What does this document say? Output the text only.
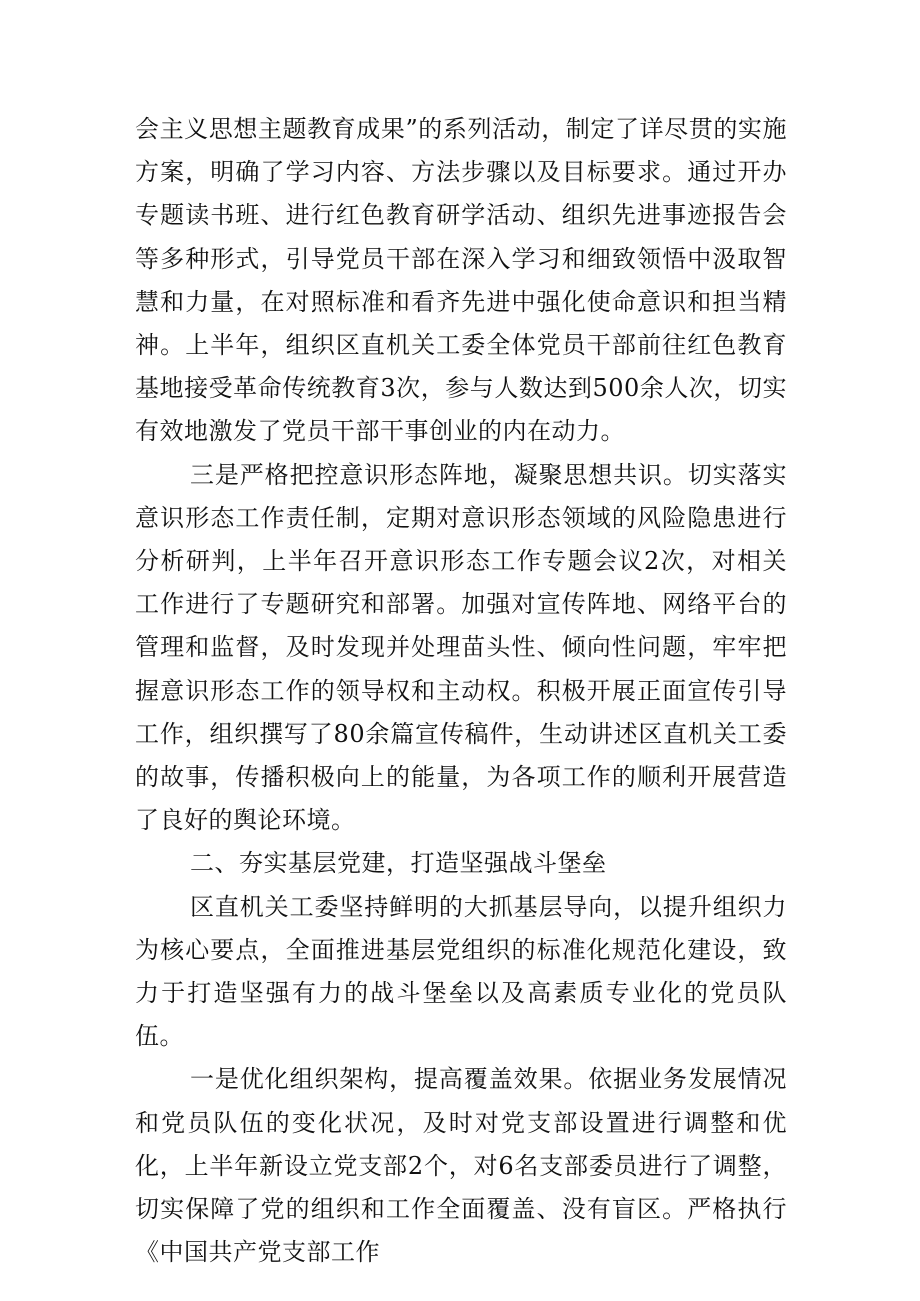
会主义思想主题教育成果”的系列活动，制定了详尽贯的实施方案，明确了学习内容、方法步骤以及目标要求。通过开办专题读书班、进行红色教育研学活动、组织先进事迹报告会等多种形式，引导党员干部在深入学习和细致领悟中汲取智慧和力量，在对照标准和看齐先进中强化使命意识和担当精神。上半年，组织区直机关工委全体党员干部前往红色教育基地接受革命传统教育3次，参与人数达到500余人次，切实有效地激发了党员干部干事创业的内在动力。

三是严格把控意识形态阵地，凝聚思想共识。切实落实意识形态工作责任制，定期对意识形态领域的风险隐患进行分析研判，上半年召开意识形态工作专题会议2次，对相关工作进行了专题研究和部署。加强对宣传阵地、网络平台的管理和监督，及时发现并处理苗头性、倾向性问题，牢牢把握意识形态工作的领导权和主动权。积极开展正面宣传引导工作，组织撰写了80余篇宣传稿件，生动讲述区直机关工委的故事，传播积极向上的能量，为各项工作的顺利开展营造了良好的舆论环境。

二、夯实基层党建，打造坚强战斗堡垒

区直机关工委坚持鲜明的大抓基层导向，以提升组织力为核心要点，全面推进基层党组织的标准化规范化建设，致力于打造坚强有力的战斗堡垒以及高素质专业化的党员队伍。

一是优化组织架构，提高覆盖效果。依据业务发展情况和党员队伍的变化状况，及时对党支部设置进行调整和优化，上半年新设立党支部2个，对6名支部委员进行了调整，切实保障了党的组织和工作全面覆盖、没有盲区。严格执行《中国共产党支部工作
